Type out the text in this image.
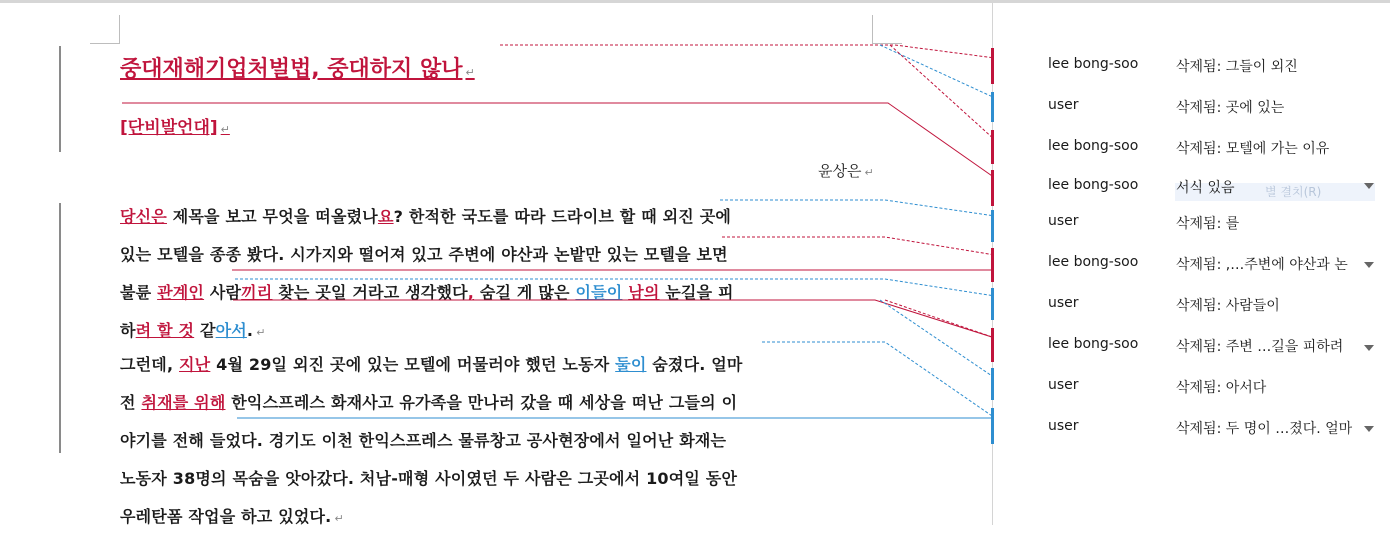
중대재해기업처벌법, 중대하지 않나 ↵
[단비발언대] ↵
윤상은 ↵
당신은 제목을 보고 무엇을 떠올렸나요? 한적한 국도를 따라 드라이브 할 때 외진 곳에
있는 모텔을 종종 봤다. 시가지와 떨어져 있고 주변에 야산과 논밭만 있는 모텔을 보면
불륜 관계인 사람끼리 찾는 곳일 거라고 생각했다, 숨길 게 많은 이들이 남의 눈길을 피
하려 할 것 같아서. ↵
그런데, 지난 4월 29일 외진 곳에 있는 모텔에 머물러야 했던 노동자 둘이 숨졌다. 얼마
전 취재를 위해 한익스프레스 화재사고 유가족을 만나러 갔을 때 세상을 떠난 그들의 이
야기를 전해 들었다. 경기도 이천 한익스프레스 물류창고 공사현장에서 일어난 화재는
노동자 38명의 목숨을 앗아갔다. 처남-매형 사이였던 두 사람은 그곳에서 10여일 동안
우레탄폼 작업을 하고 있었다. ↵
별 결치(R)
lee bong-soo	삭제됨: 그들이 외진
user	삭제됨: 곳에 있는
lee bong-soo	삭제됨: 모텔에 가는 이유
lee bong-soo	서식 있음
user	삭제됨: 를
lee bong-soo	삭제됨: ,…주변에 야산과 논
user	삭제됨: 사람들이
lee bong-soo	삭제됨: 주변 …길을 피하려
user	삭제됨: 아서다
user	삭제됨: 두 명이 …졌다. 얼마
